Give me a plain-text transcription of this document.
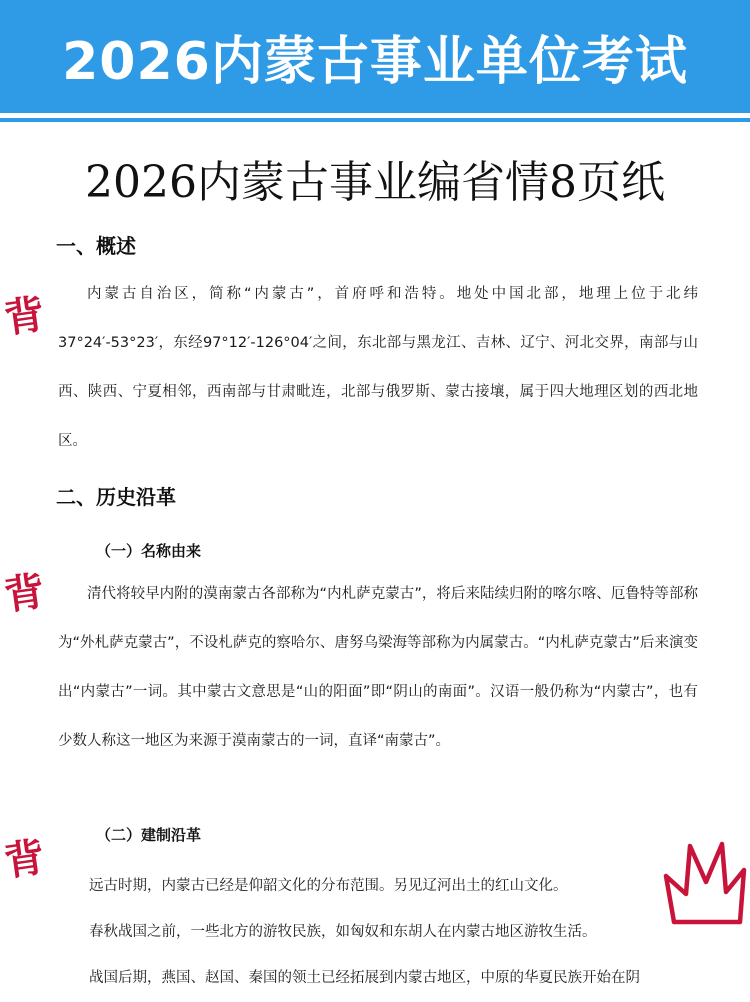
2026内蒙古事业单位考试
2026内蒙古事业编省情8页纸
一、概述
背	内蒙古自治区，简称“内蒙古”，首府呼和浩特。地处中国北部，地理上位于北纬37°24′-53°23′，东经97°12′-126°04′之间，东北部与黑龙江、吉林、辽宁、河北交界，南部与山西、陕西、宁夏相邻，西南部与甘肃毗连，北部与俄罗斯、蒙古接壤，属于四大地理区划的西北地区。
二、历史沿革
（一）名称由来
背	清代将较早内附的漠南蒙古各部称为“内札萨克蒙古”，将后来陆续归附的喀尔喀、厄鲁特等部称为“外札萨克蒙古”，不设札萨克的察哈尔、唐努乌梁海等部称为内属蒙古。“内札萨克蒙古”后来演变出“内蒙古”一词。其中蒙古文意思是“山的阳面”即“阴山的南面”。汉语一般仍称为“内蒙古”，也有少数人称这一地区为来源于漠南蒙古的一词，直译“南蒙古”。
（二）建制沿革
背
远古时期，内蒙古已经是仰韶文化的分布范围。另见辽河出土的红山文化。
春秋战国之前，一些北方的游牧民族，如匈奴和东胡人在内蒙古地区游牧生活。
战国后期，燕国、赵国、秦国的领土已经拓展到内蒙古地区，中原的华夏民族开始在阴
